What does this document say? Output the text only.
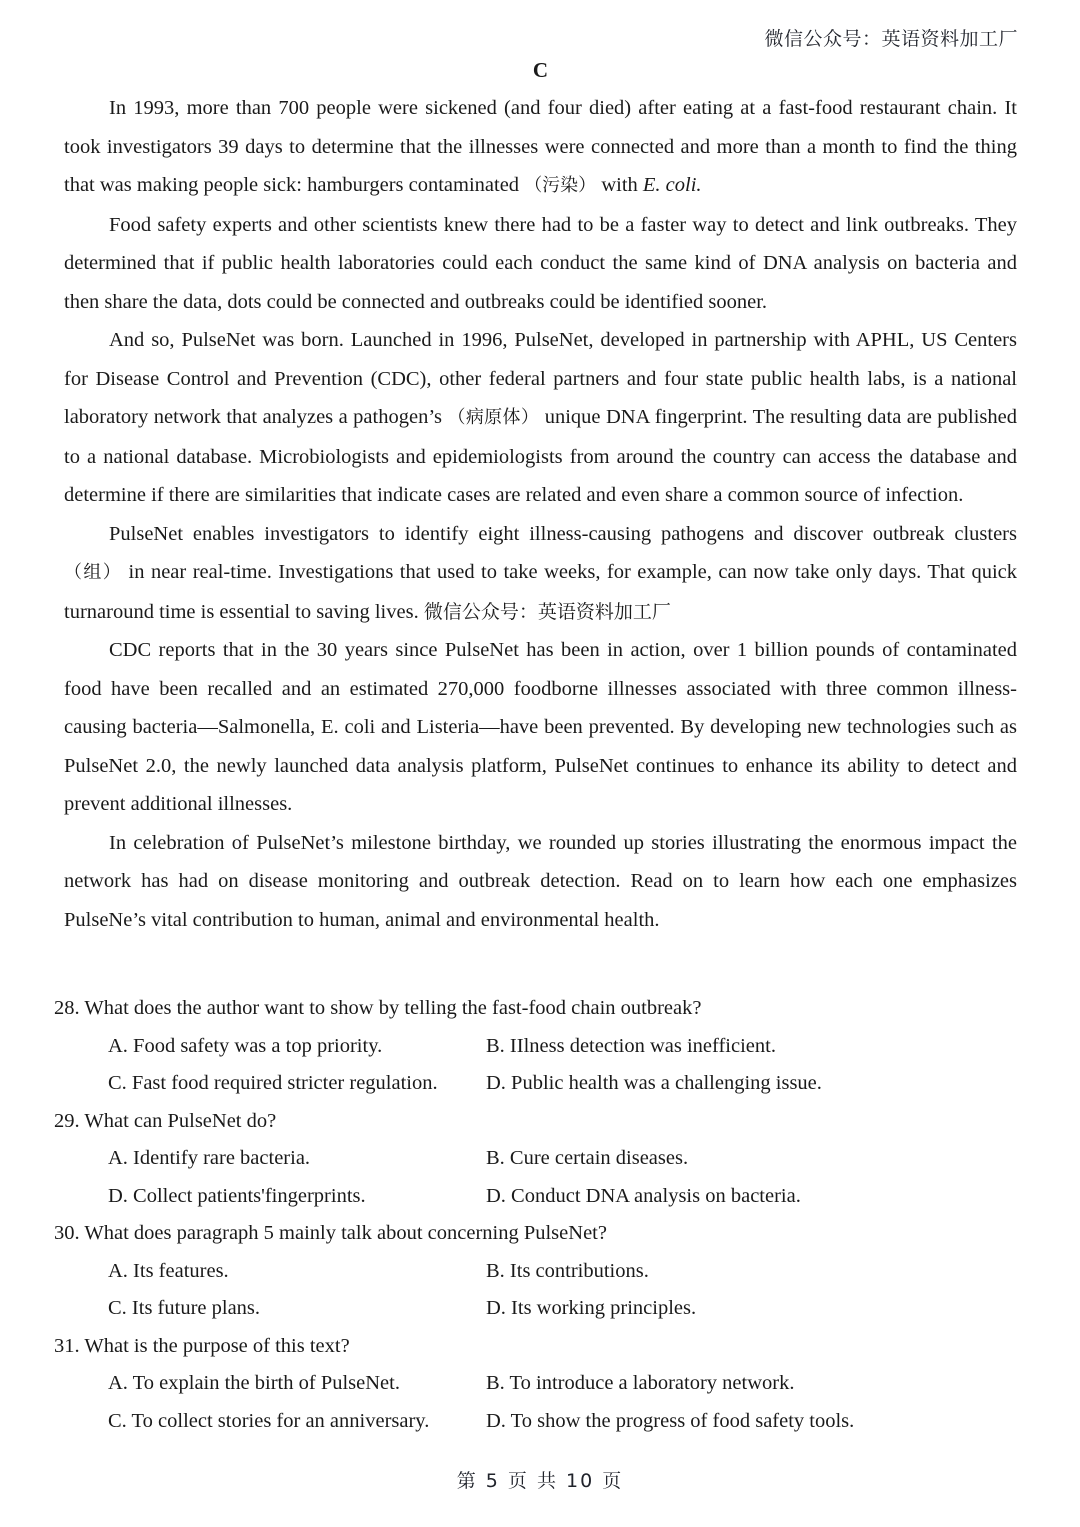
微信公众号：英语资料加工厂
C

In 1993, more than 700 people were sickened (and four died) after eating at a fast-food restaurant chain. It took investigators 39 days to determine that the illnesses were connected and more than a month to find the thing that was making people sick: hamburgers contaminated （污染） with E. coli.

Food safety experts and other scientists knew there had to be a faster way to detect and link outbreaks. They determined that if public health laboratories could each conduct the same kind of DNA analysis on bacteria and then share the data, dots could be connected and outbreaks could be identified sooner.

And so, PulseNet was born. Launched in 1996, PulseNet, developed in partnership with APHL, US Centers for Disease Control and Prevention (CDC), other federal partners and four state public health labs, is a national laboratory network that analyzes a pathogen’s （病原体） unique DNA fingerprint. The resulting data are published to a national database. Microbiologists and epidemiologists from around the country can access the database and determine if there are similarities that indicate cases are related and even share a common source of infection.

PulseNet enables investigators to identify eight illness-causing pathogens and discover outbreak clusters （组） in near real-time. Investigations that used to take weeks, for example, can now take only days. That quick turnaround time is essential to saving lives. 微信公众号：英语资料加工厂

CDC reports that in the 30 years since PulseNet has been in action, over 1 billion pounds of contaminated food have been recalled and an estimated 270,000 foodborne illnesses associated with three common illness-causing bacteria—Salmonella, E. coli and Listeria—have been prevented. By developing new technologies such as PulseNet 2.0, the newly launched data analysis platform, PulseNet continues to enhance its ability to detect and prevent additional illnesses.

In celebration of PulseNet’s milestone birthday, we rounded up stories illustrating the enormous impact the network has had on disease monitoring and outbreak detection. Read on to learn how each one emphasizes PulseNe’s vital contribution to human, animal and environmental health.

28. What does the author want to show by telling the fast-food chain outbreak?
A. Food safety was a top priority.	B. IIlness detection was inefficient.
C. Fast food required stricter regulation.	D. Public health was a challenging issue.
29. What can PulseNet do?
A. Identify rare bacteria.	B. Cure certain diseases.
D. Collect patients'fingerprints.	D. Conduct DNA analysis on bacteria.
30. What does paragraph 5 mainly talk about concerning PulseNet?
A. Its features.	B. Its contributions.
C. Its future plans.	D. Its working principles.
31. What is the purpose of this text?
A. To explain the birth of PulseNet.	B. To introduce a laboratory network.
C. To collect stories for an anniversary.	D. To show the progress of food safety tools.
第 5 页 共 10 页
